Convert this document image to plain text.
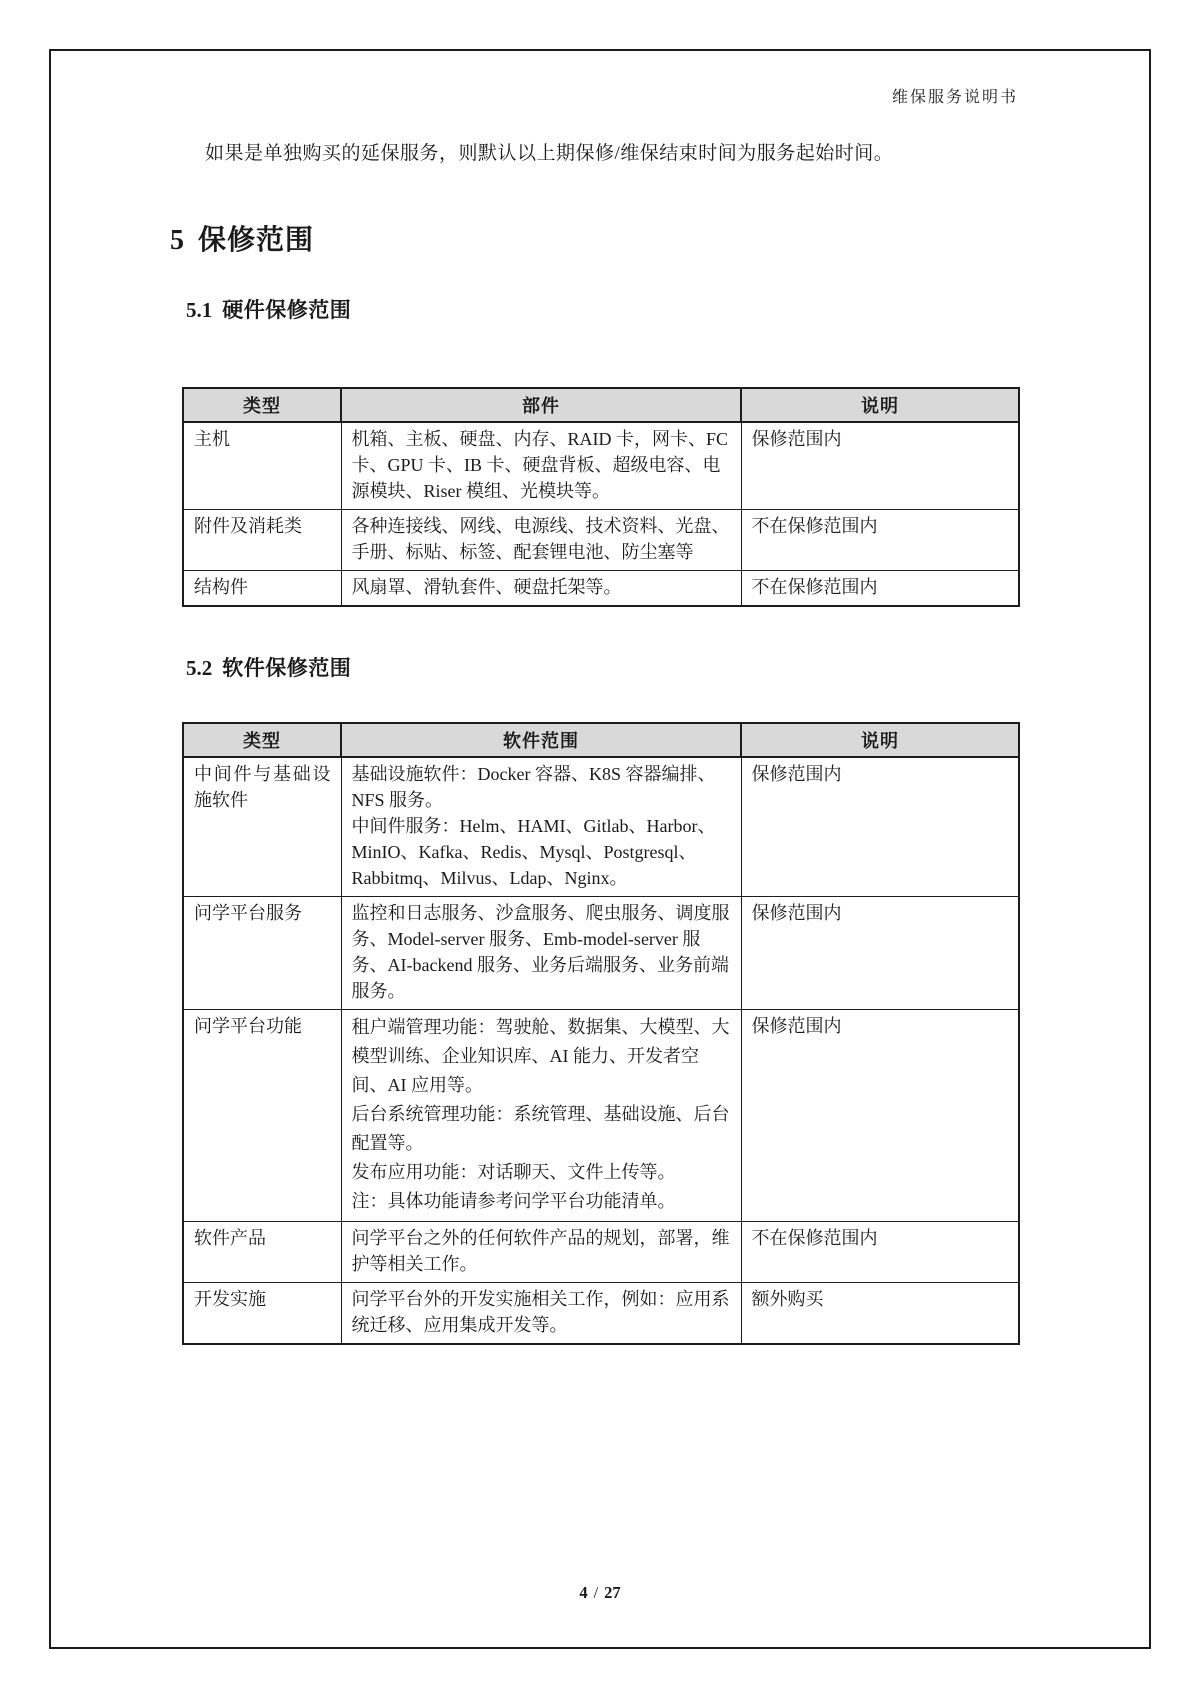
维保服务说明书
如果是单独购买的延保服务，则默认以上期保修/维保结束时间为服务起始时间。
5 保修范围
5.1 硬件保修范围
类型	部件	说明
主机	机箱、主板、硬盘、内存、RAID 卡，网卡、FC 卡、GPU 卡、IB 卡、硬盘背板、超级电容、电源模块、Riser 模组、光模块等。	保修范围内
附件及消耗类	各种连接线、网线、电源线、技术资料、光盘、手册、标贴、标签、配套锂电池、防尘塞等	不在保修范围内
结构件	风扇罩、滑轨套件、硬盘托架等。	不在保修范围内
5.2 软件保修范围
类型	软件范围	说明
中间件与基础设施软件	基础设施软件：Docker 容器、K8S 容器编排、NFS 服务。

中间件服务：Helm、HAMI、Gitlab、Harbor、MinIO、Kafka、Redis、Mysql、Postgresql、Rabbitmq、Milvus、Ldap、Nginx。	保修范围内
问学平台服务	监控和日志服务、沙盒服务、爬虫服务、调度服务、Model-server 服务、Emb-model-server 服务、AI-backend 服务、业务后端服务、业务前端服务。	保修范围内
问学平台功能	租户端管理功能：驾驶舱、数据集、大模型、大模型训练、企业知识库、AI 能力、开发者空间、AI 应用等。

后台系统管理功能：系统管理、基础设施、后台配置等。

发布应用功能：对话聊天、文件上传等。

注：具体功能请参考问学平台功能清单。	保修范围内
软件产品	问学平台之外的任何软件产品的规划，部署，维护等相关工作。	不在保修范围内
开发实施	问学平台外的开发实施相关工作，例如：应用系统迁移、应用集成开发等。	额外购买
4 / 27
